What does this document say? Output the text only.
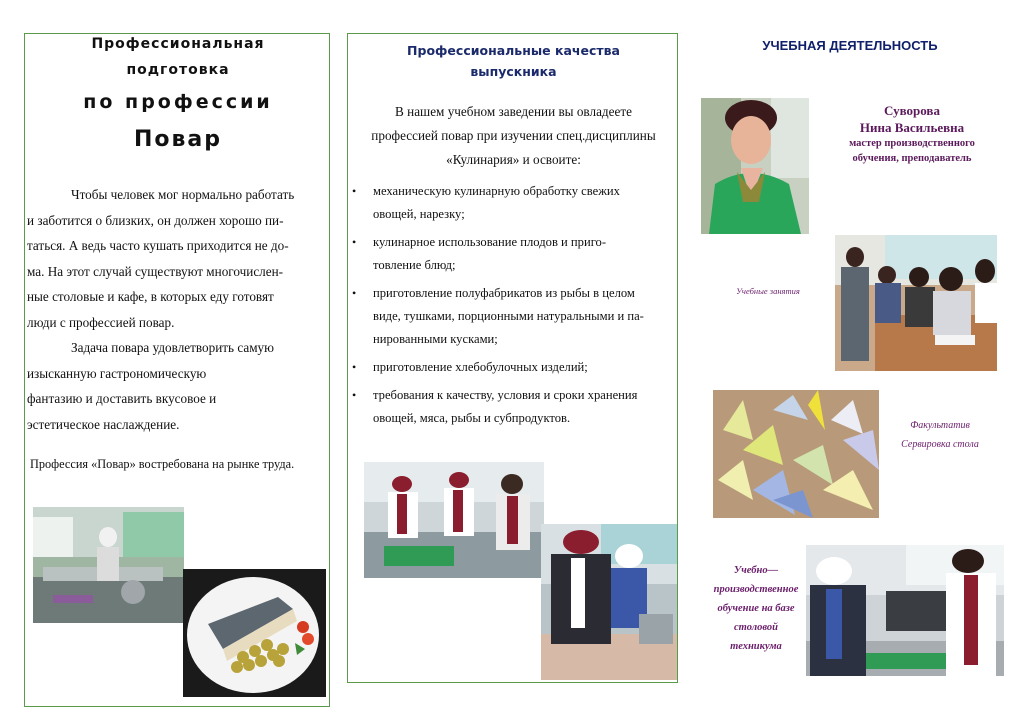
Профессиональная
подготовка
по профессии
Повар
Чтобы человек мог нормально работать
и заботится о близких, он должен хорошо пи-
таться. А ведь часто кушать приходится не до-
ма. На этот случай существуют многочислен-
ные столовые и кафе, в которых еду готовят
люди с профессией повар.
Задача повара удовлетворить самую
изысканную гастрономическую
фантазию и доставить вкусовое и
эстетическое наслаждение.
Профессия «Повар» востребована на рынке труда.
Профессиональные качества
выпускника
В нашем учебном заведении вы овладеете
профессией повар при изучении спец.дисциплины
«Кулинария» и освоите:
• механическую кулинарную обработку свежих
овощей, нарезку;
• кулинарное использование плодов и приго-
товление блюд;
• приготовление полуфабрикатов из рыбы в целом
виде, тушками, порционными натуральными и па-
нированными кусками;
• приготовление хлебобулочных изделий;
• требования к качеству, условия и сроки хранения
овощей, мяса, рыбы и субпродуктов.
УЧЕБНАЯ ДЕЯТЕЛЬНОСТЬ
Суворова
Нина Васильевна
мастер производственного
обучения, преподаватель
Учебные занятия
Факультатив
Сервировка стола
Учебно—
производственное
обучение на базе
столовой
техникума
